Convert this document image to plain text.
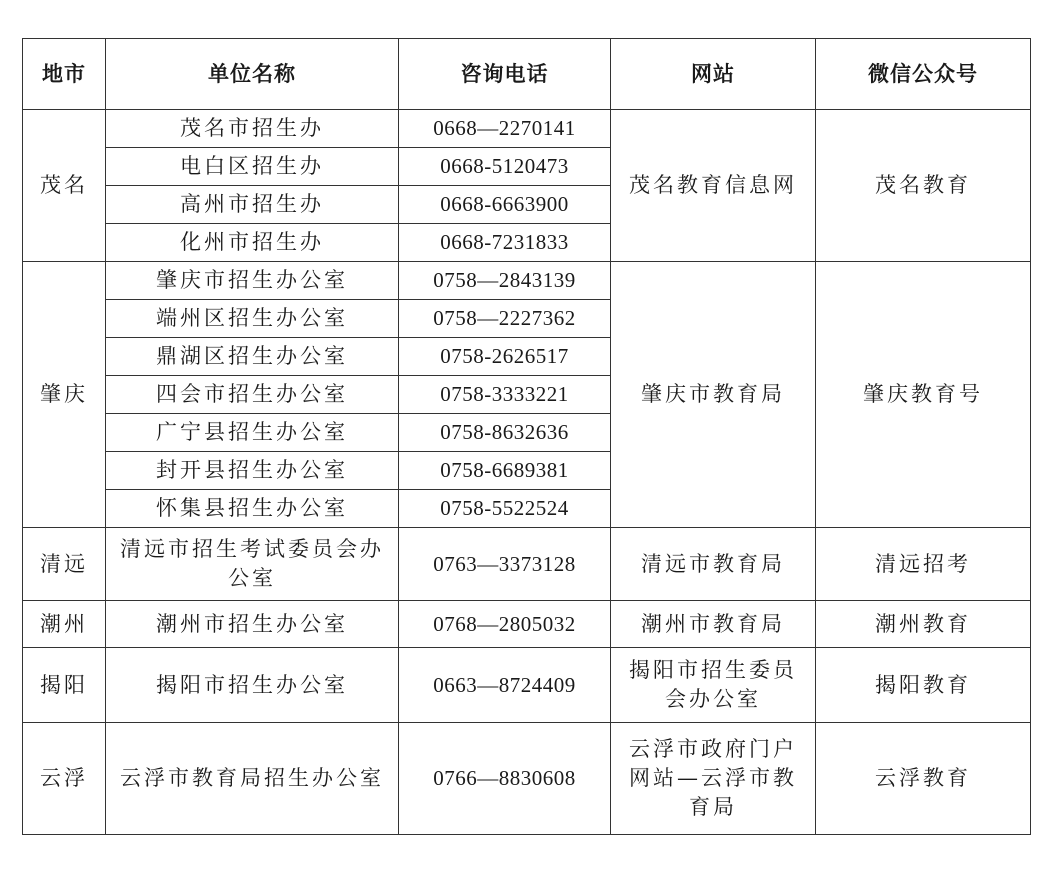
地市	单位名称	咨询电话	网站	微信公众号
茂名	茂名市招生办	0668—2270141	茂名教育信息网	茂名教育
	电白区招生办	0668-5120473		
	高州市招生办	0668-6663900		
	化州市招生办	0668-7231833		
肇庆	肇庆市招生办公室	0758—2843139	肇庆市教育局	肇庆教育号
	端州区招生办公室	0758—2227362		
	鼎湖区招生办公室	0758-2626517		
	四会市招生办公室	0758-3333221		
	广宁县招生办公室	0758-8632636		
	封开县招生办公室	0758-6689381		
	怀集县招生办公室	0758-5522524		
清远	清远市招生考试委员会办公室	0763—3373128	清远市教育局	清远招考
潮州	潮州市招生办公室	0768—2805032	潮州市教育局	潮州教育
揭阳	揭阳市招生办公室	0663—8724409	揭阳市招生委员会办公室	揭阳教育
云浮	云浮市教育局招生办公室	0766—8830608	云浮市政府门户网站—云浮市教育局	云浮教育
